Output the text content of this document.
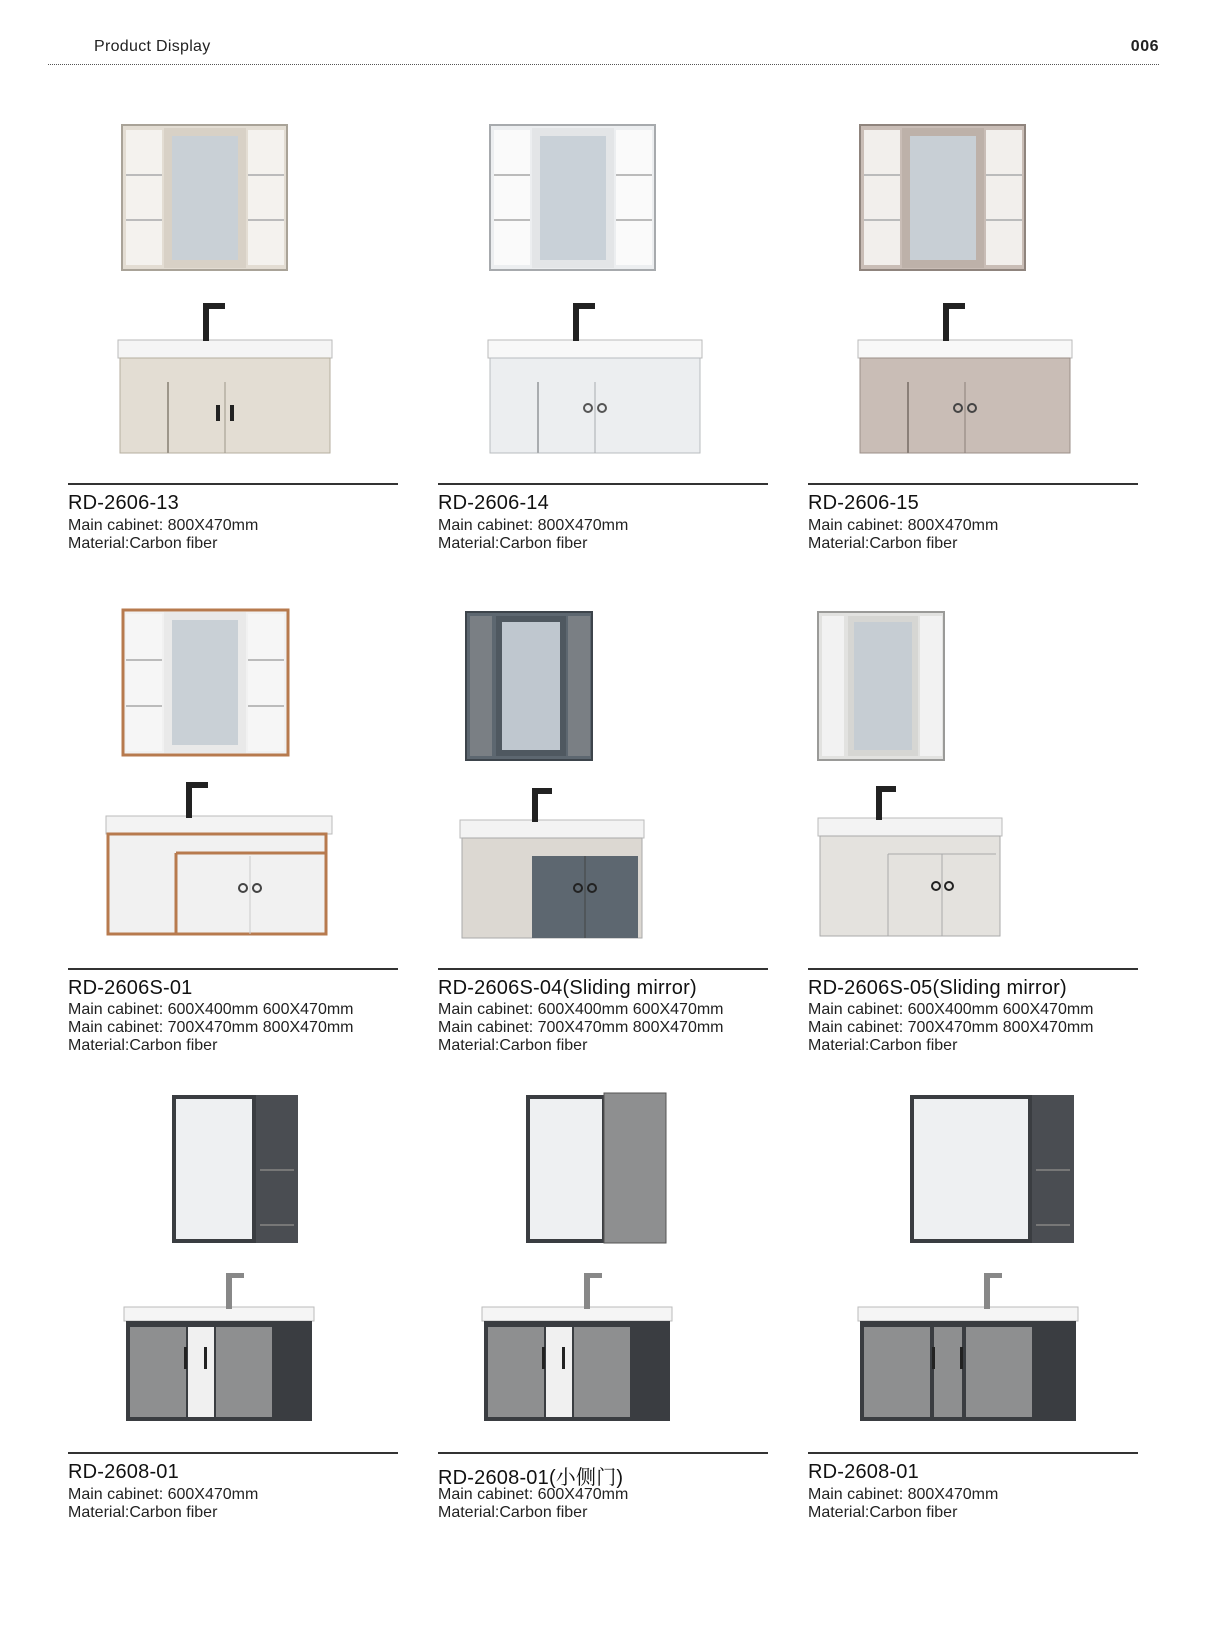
Product Display	006
RD-2606-13
Main cabinet: 800X470mm
Material:Carbon fiber
RD-2606-14
Main cabinet: 800X470mm
Material:Carbon fiber
RD-2606-15
Main cabinet: 800X470mm
Material:Carbon fiber
RD-2606S-01
Main cabinet: 600X400mm 600X470mm
Main cabinet: 700X470mm 800X470mm
Material:Carbon fiber
RD-2606S-04(Sliding mirror)
Main cabinet: 600X400mm 600X470mm
Main cabinet: 700X470mm 800X470mm
Material:Carbon fiber
RD-2606S-05(Sliding mirror)
Main cabinet: 600X400mm 600X470mm
Main cabinet: 700X470mm 800X470mm
Material:Carbon fiber
RD-2608-01
Main cabinet: 600X470mm
Material:Carbon fiber
RD-2608-01(小侧门)
Main cabinet: 600X470mm
Material:Carbon fiber
RD-2608-01
Main cabinet: 800X470mm
Material:Carbon fiber
